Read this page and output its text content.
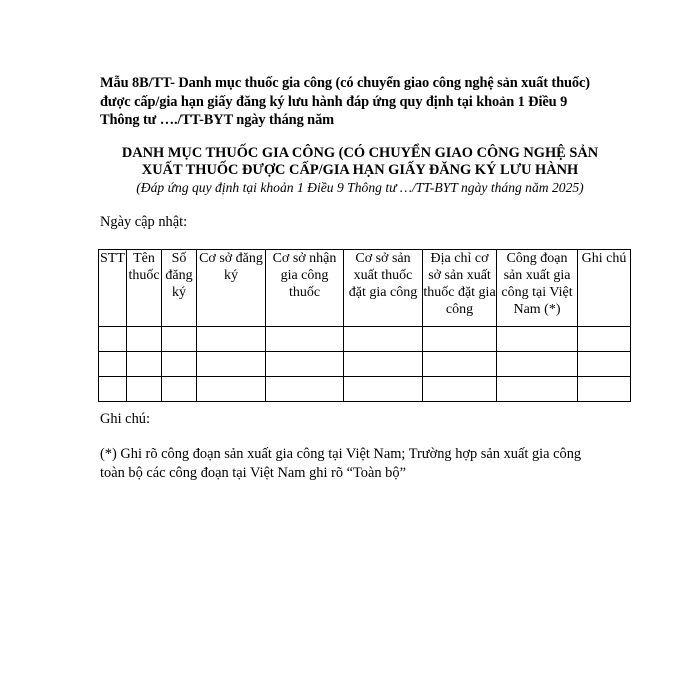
Mẫu 8B/TT- Danh mục thuốc gia công (có chuyển giao công nghệ sản xuất thuốc)
được cấp/gia hạn giấy đăng ký lưu hành đáp ứng quy định tại khoản 1 Điều 9
Thông tư …./TT-BYT ngày tháng năm
DANH MỤC THUỐC GIA CÔNG (CÓ CHUYỂN GIAO CÔNG NGHỆ SẢN
XUẤT THUỐC ĐƯỢC CẤP/GIA HẠN GIẤY ĐĂNG KÝ LƯU HÀNH
(Đáp ứng quy định tại khoản 1 Điều 9 Thông tư …/TT-BYT ngày tháng năm 2025)
Ngày cập nhật:
STT	Tên thuốc	Số đăng ký	Cơ sở đăng ký	Cơ sở nhận gia công thuốc	Cơ sở sản xuất thuốc đặt gia công	Địa chỉ cơ sở sản xuất thuốc đặt gia công	Công đoạn sản xuất gia công tại Việt Nam (*)	Ghi chú

Ghi chú:
(*) Ghi rõ công đoạn sản xuất gia công tại Việt Nam; Trường hợp sản xuất gia công
toàn bộ các công đoạn tại Việt Nam ghi rõ “Toàn bộ”
